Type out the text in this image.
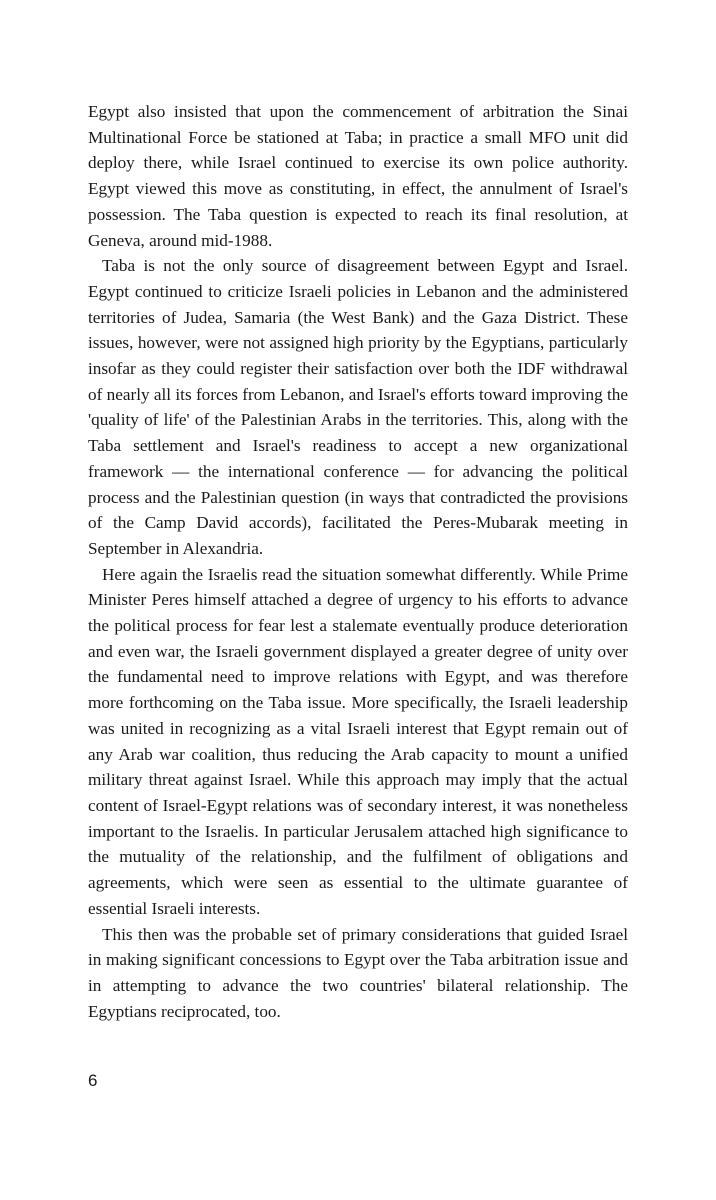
Egypt also insisted that upon the commencement of arbitration the Sinai Multinational Force be stationed at Taba; in practice a small MFO unit did deploy there, while Israel continued to exercise its own police authority. Egypt viewed this move as constituting, in effect, the annulment of Israel's possession. The Taba question is expected to reach its final resolution, at Geneva, around mid-1988.

Taba is not the only source of disagreement between Egypt and Israel. Egypt continued to criticize Israeli policies in Lebanon and the administered territories of Judea, Samaria (the West Bank) and the Gaza District. These issues, however, were not assigned high priority by the Egyptians, particularly insofar as they could register their satisfaction over both the IDF withdrawal of nearly all its forces from Lebanon, and Israel's efforts toward improving the 'quality of life' of the Palestinian Arabs in the territories. This, along with the Taba settlement and Israel's readiness to accept a new organizational framework — the international conference — for advancing the political process and the Palestinian question (in ways that contradicted the provisions of the Camp David accords), facilitated the Peres-Mubarak meeting in September in Alexandria.

Here again the Israelis read the situation somewhat differently. While Prime Minister Peres himself attached a degree of urgency to his efforts to advance the political process for fear lest a stalemate eventually produce deterioration and even war, the Israeli government displayed a greater degree of unity over the fundamental need to improve relations with Egypt, and was therefore more forthcoming on the Taba issue. More specifically, the Israeli leadership was united in recognizing as a vital Israeli interest that Egypt remain out of any Arab war coalition, thus reducing the Arab capacity to mount a unified military threat against Israel. While this approach may imply that the actual content of Israel-Egypt relations was of secondary interest, it was nonetheless important to the Israelis. In particular Jerusalem attached high significance to the mutuality of the relationship, and the fulfilment of obligations and agreements, which were seen as essential to the ultimate guarantee of essential Israeli interests.

This then was the probable set of primary considerations that guided Israel in making significant concessions to Egypt over the Taba arbitration issue and in attempting to advance the two countries' bilateral relationship. The Egyptians reciprocated, too.

6
